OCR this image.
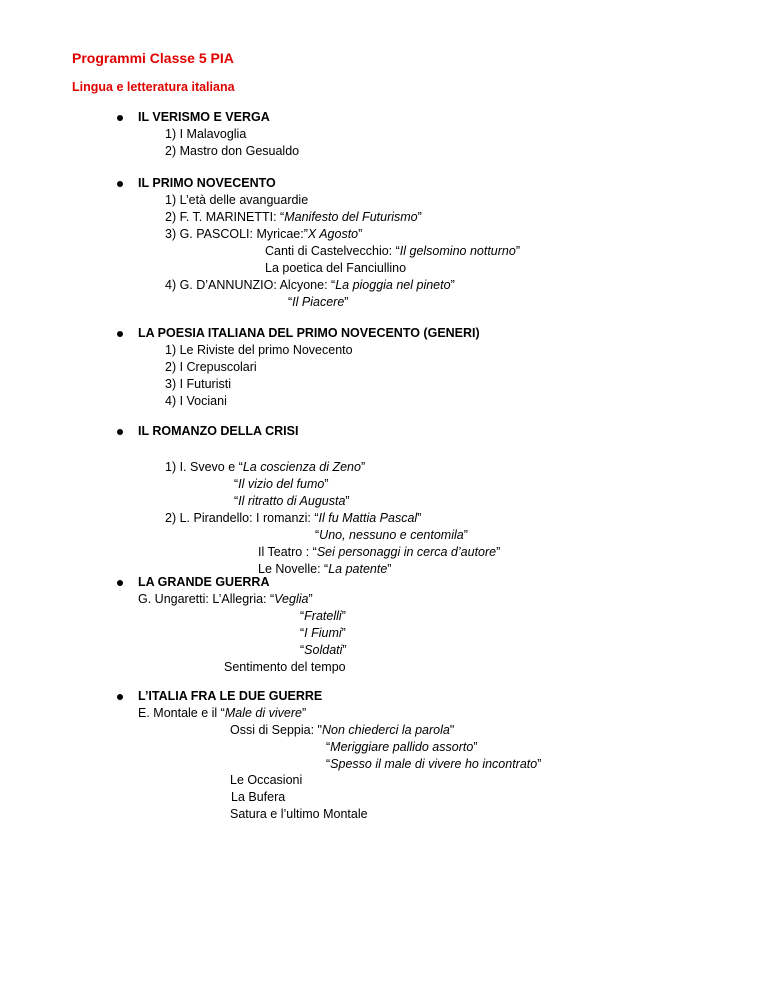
Programmi Classe 5 PIA
Lingua e letteratura italiana
IL VERISMO E VERGA
1) I Malavoglia
2) Mastro don Gesualdo
IL PRIMO NOVECENTO
1) L’età delle avanguardie
2) F. T. MARINETTI: “Manifesto del Futurismo”
3) G. PASCOLI: Myricae:”X Agosto”
Canti di Castelvecchio: “Il gelsomino notturno”
La poetica del Fanciullino
4) G. D’ANNUNZIO: Alcyone: “La pioggia nel pineto”
“Il Piacere”
LA POESIA ITALIANA DEL PRIMO NOVECENTO (GENERI)
1) Le Riviste del primo Novecento
2) I Crepuscolari
3) I Futuristi
4) I Vociani
IL ROMANZO DELLA CRISI
1) I. Svevo e “La coscienza di Zeno”
“Il vizio del fumo”
“Il ritratto di Augusta”
2) L. Pirandello: I romanzi: “Il fu Mattia Pascal”
“Uno, nessuno e centomila”
Il Teatro : “Sei personaggi in cerca d’autore”
Le Novelle: “La patente”
LA GRANDE GUERRA
G. Ungaretti: L’Allegria: “Veglia”
“Fratelli”
“I Fiumi”
“Soldati”
Sentimento del tempo
L’ITALIA FRA LE DUE GUERRE
E. Montale e il “Male di vivere”
Ossi di Seppia: "Non chiederci la parola"
“Meriggiare pallido assorto”
“Spesso il male di vivere ho incontrato”
Le Occasioni
La Bufera
Satura e l’ultimo Montale
